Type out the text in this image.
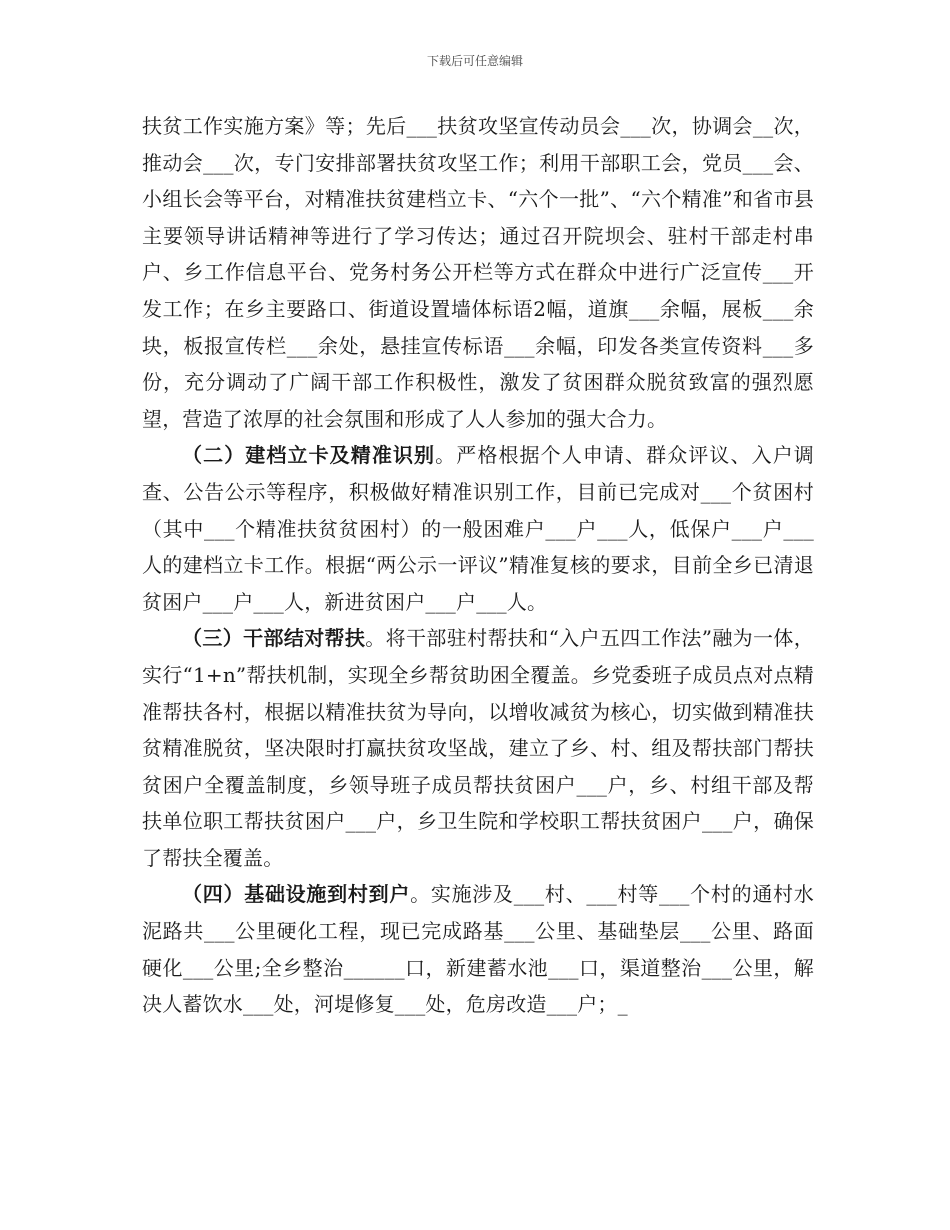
下载后可任意编辑

扶贫工作实施方案》等；先后___扶贫攻坚宣传动员会___次，协调会__次，推动会___次，专门安排部署扶贫攻坚工作；利用干部职工会，党员___会、小组长会等平台，对精准扶贫建档立卡、“六个一批”、“六个精准”和省市县主要领导讲话精神等进行了学习传达；通过召开院坝会、驻村干部走村串户、乡工作信息平台、党务村务公开栏等方式在群众中进行广泛宣传___开发工作；在乡主要路口、街道设置墙体标语2幅，道旗___余幅，展板___余块，板报宣传栏___余处，悬挂宣传标语___余幅，印发各类宣传资料___多份，充分调动了广阔干部工作积极性，激发了贫困群众脱贫致富的强烈愿望，营造了浓厚的社会氛围和形成了人人参加的强大合力。

（二）建档立卡及精准识别。严格根据个人申请、群众评议、入户调查、公告公示等程序，积极做好精准识别工作，目前已完成对___个贫困村（其中___个精准扶贫贫困村）的一般困难户___户___人，低保户___户___人的建档立卡工作。根据“两公示一评议”精准复核的要求，目前全乡已清退贫困户___户___人，新进贫困户___户___人。

（三）干部结对帮扶。将干部驻村帮扶和“入户五四工作法”融为一体，实行“1+n”帮扶机制，实现全乡帮贫助困全覆盖。乡党委班子成员点对点精准帮扶各村，根据以精准扶贫为导向，以增收减贫为核心，切实做到精准扶贫精准脱贫，坚决限时打赢扶贫攻坚战，建立了乡、村、组及帮扶部门帮扶贫困户全覆盖制度，乡领导班子成员帮扶贫困户___户，乡、村组干部及帮扶单位职工帮扶贫困户___户，乡卫生院和学校职工帮扶贫困户___户，确保了帮扶全覆盖。

（四）基础设施到村到户。实施涉及___村、___村等___个村的通村水泥路共___公里硬化工程，现已完成路基___公里、基础垫层___公里、路面硬化___公里;全乡整治______口，新建蓄水池___口，渠道整治___公里，解决人蓄饮水___处，河堤修复___处，危房改造___户；_
